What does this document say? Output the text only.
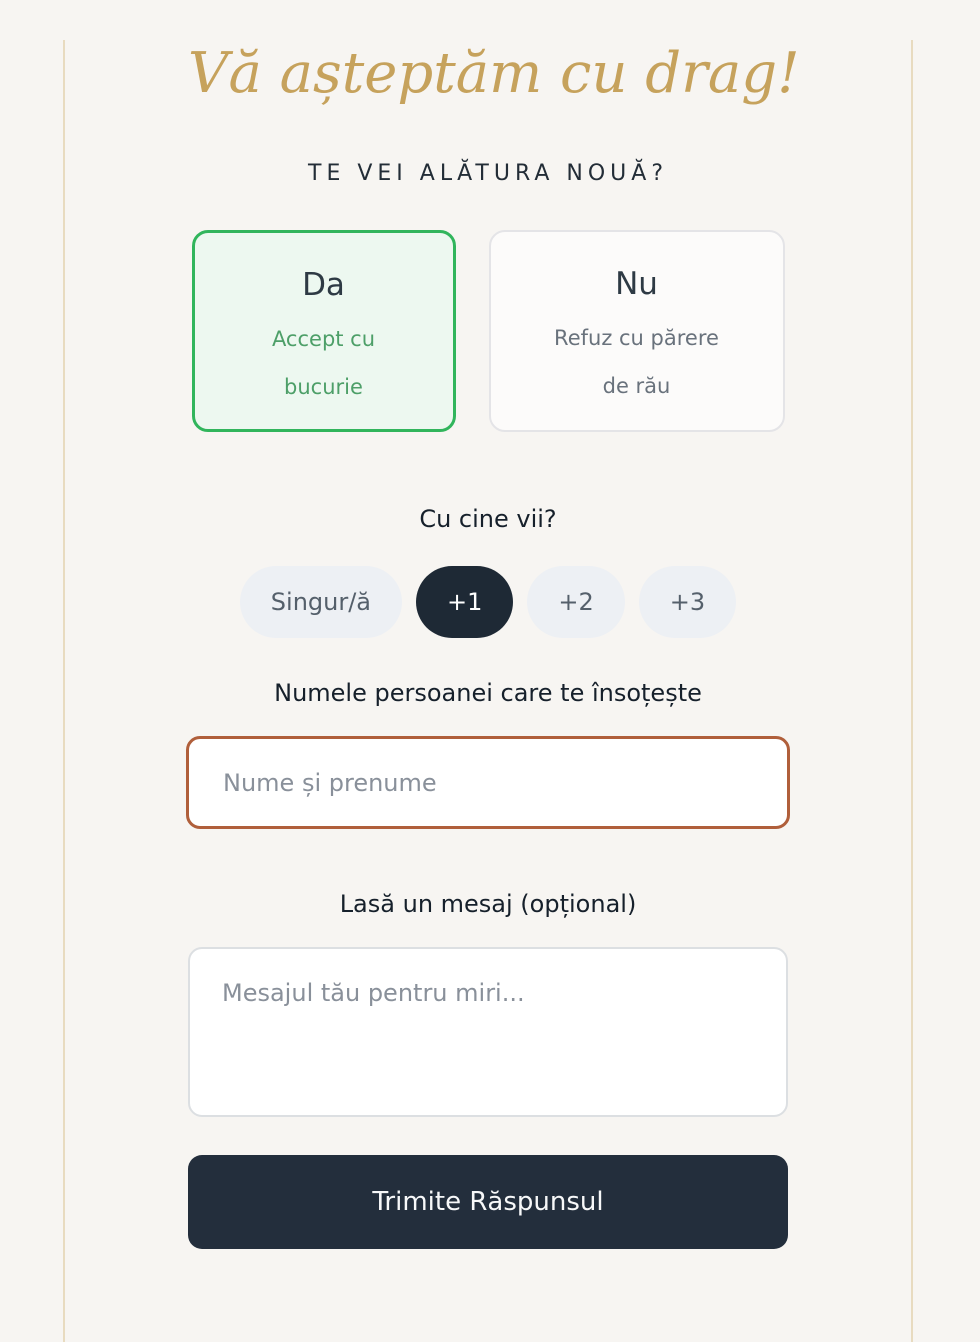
Vă așteptăm cu drag!
TE VEI ALĂTURA NOUĂ?
Da
Accept cu
bucurie
Nu
Refuz cu părere
de rău
Cu cine vii?
Singur/ă	+1	+2	+3
Numele persoanei care te însoțește
Nume și prenume
Lasă un mesaj (opțional)
Mesajul tău pentru miri... Trimite Răspunsul
